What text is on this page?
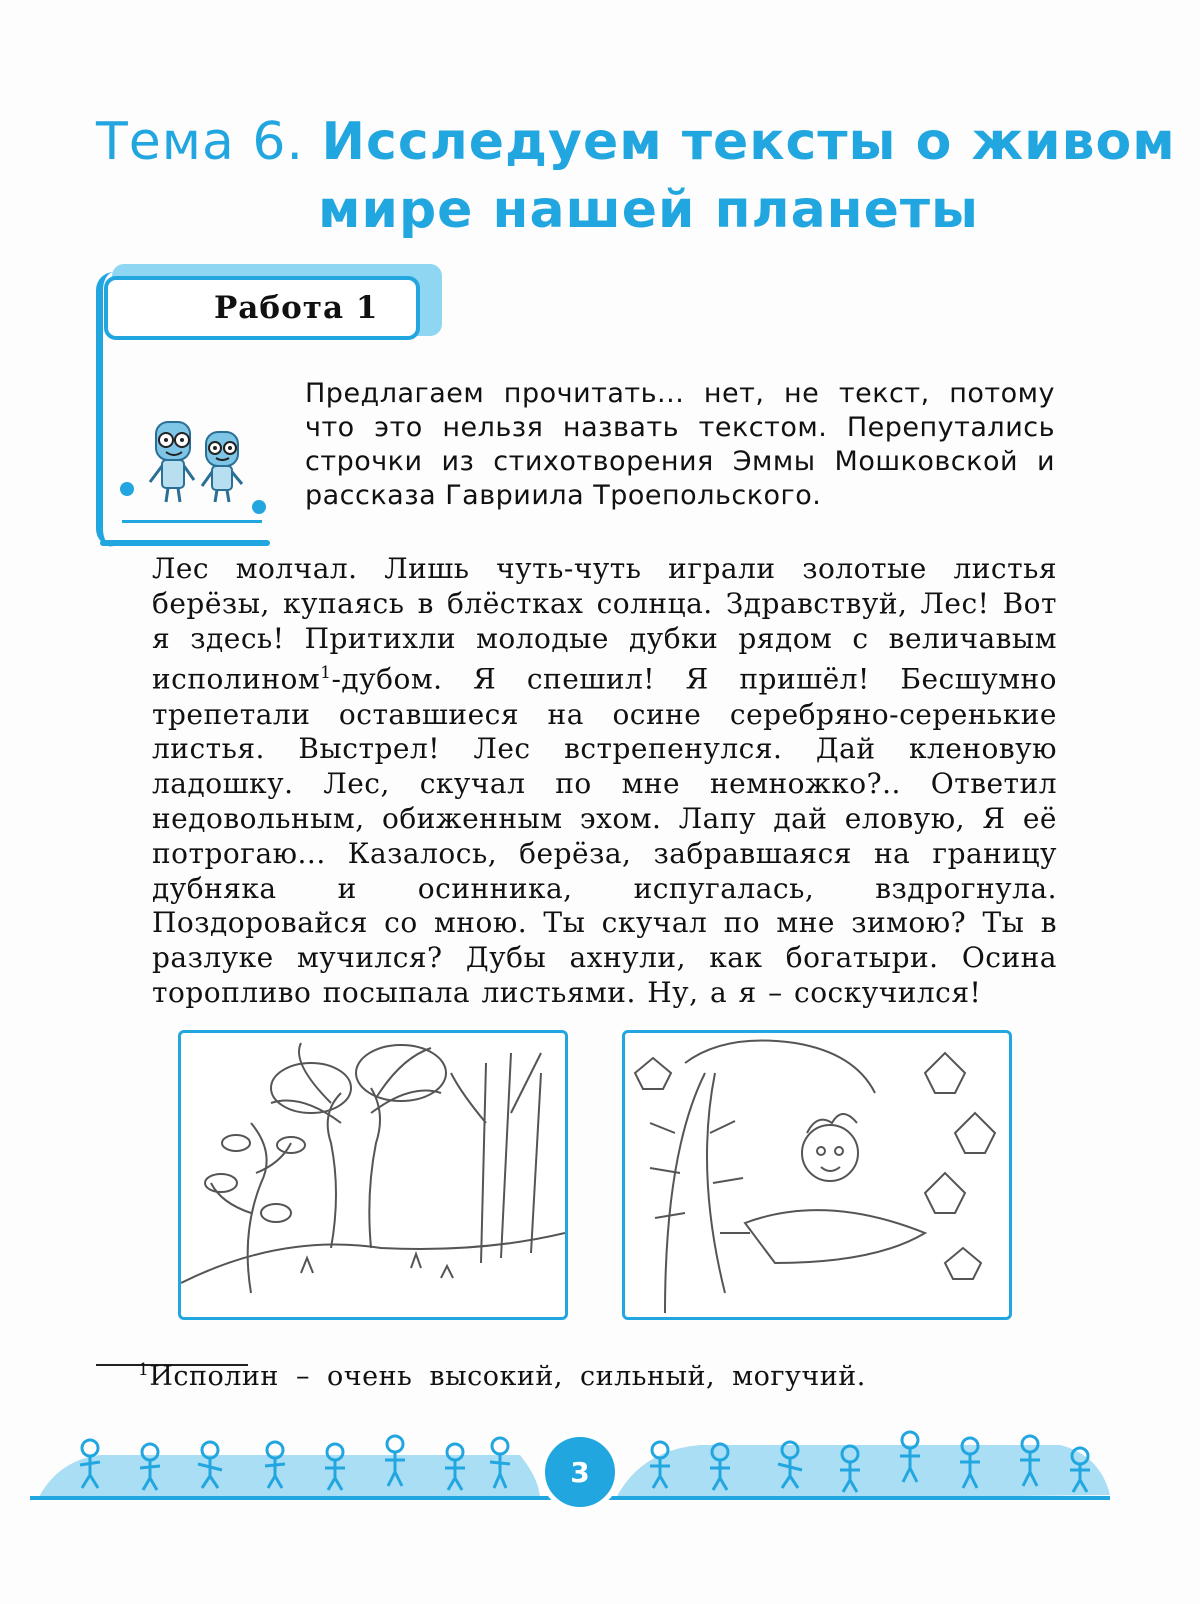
Тема 6. Исследуем тексты о живом
мире нашей планеты
Работа 1
Предлагаем прочитать... нет, не текст, потому что это нельзя назвать текстом. Перепутались строчки из стихотворения Эммы Мошковской и рассказа Гавриила Троепольского.
Лес молчал. Лишь чуть-чуть играли золотые листья берёзы, купаясь в блёстках солнца. Здравствуй, Лес! Вот я здесь! Притихли молодые дубки рядом с величавым исполином$^1$-дубом. Я спешил! Я пришёл! Бесшумно трепетали оставшиеся на осине серебрянo-серенькие листья. Выстрел! Лес встрепенулся. Дай кленовую ладошку. Лес, скучал по мне немножко?.. Ответил недовольным, обиженным эхом. Лапу дай еловую, Я её потрогаю... Казалось, берёза, забравшаяся на границу дубняка и осинника, испугалась, вздрогнула. Поздоровайся со мною. Ты скучал по мне зимою? Ты в разлуке мучился? Дубы ахнули, как богатыри. Осина торопливо посыпала листьями. Ну, а я – соскучился!
$^1$Исполин – очень высокий, сильный, могучий.
3
